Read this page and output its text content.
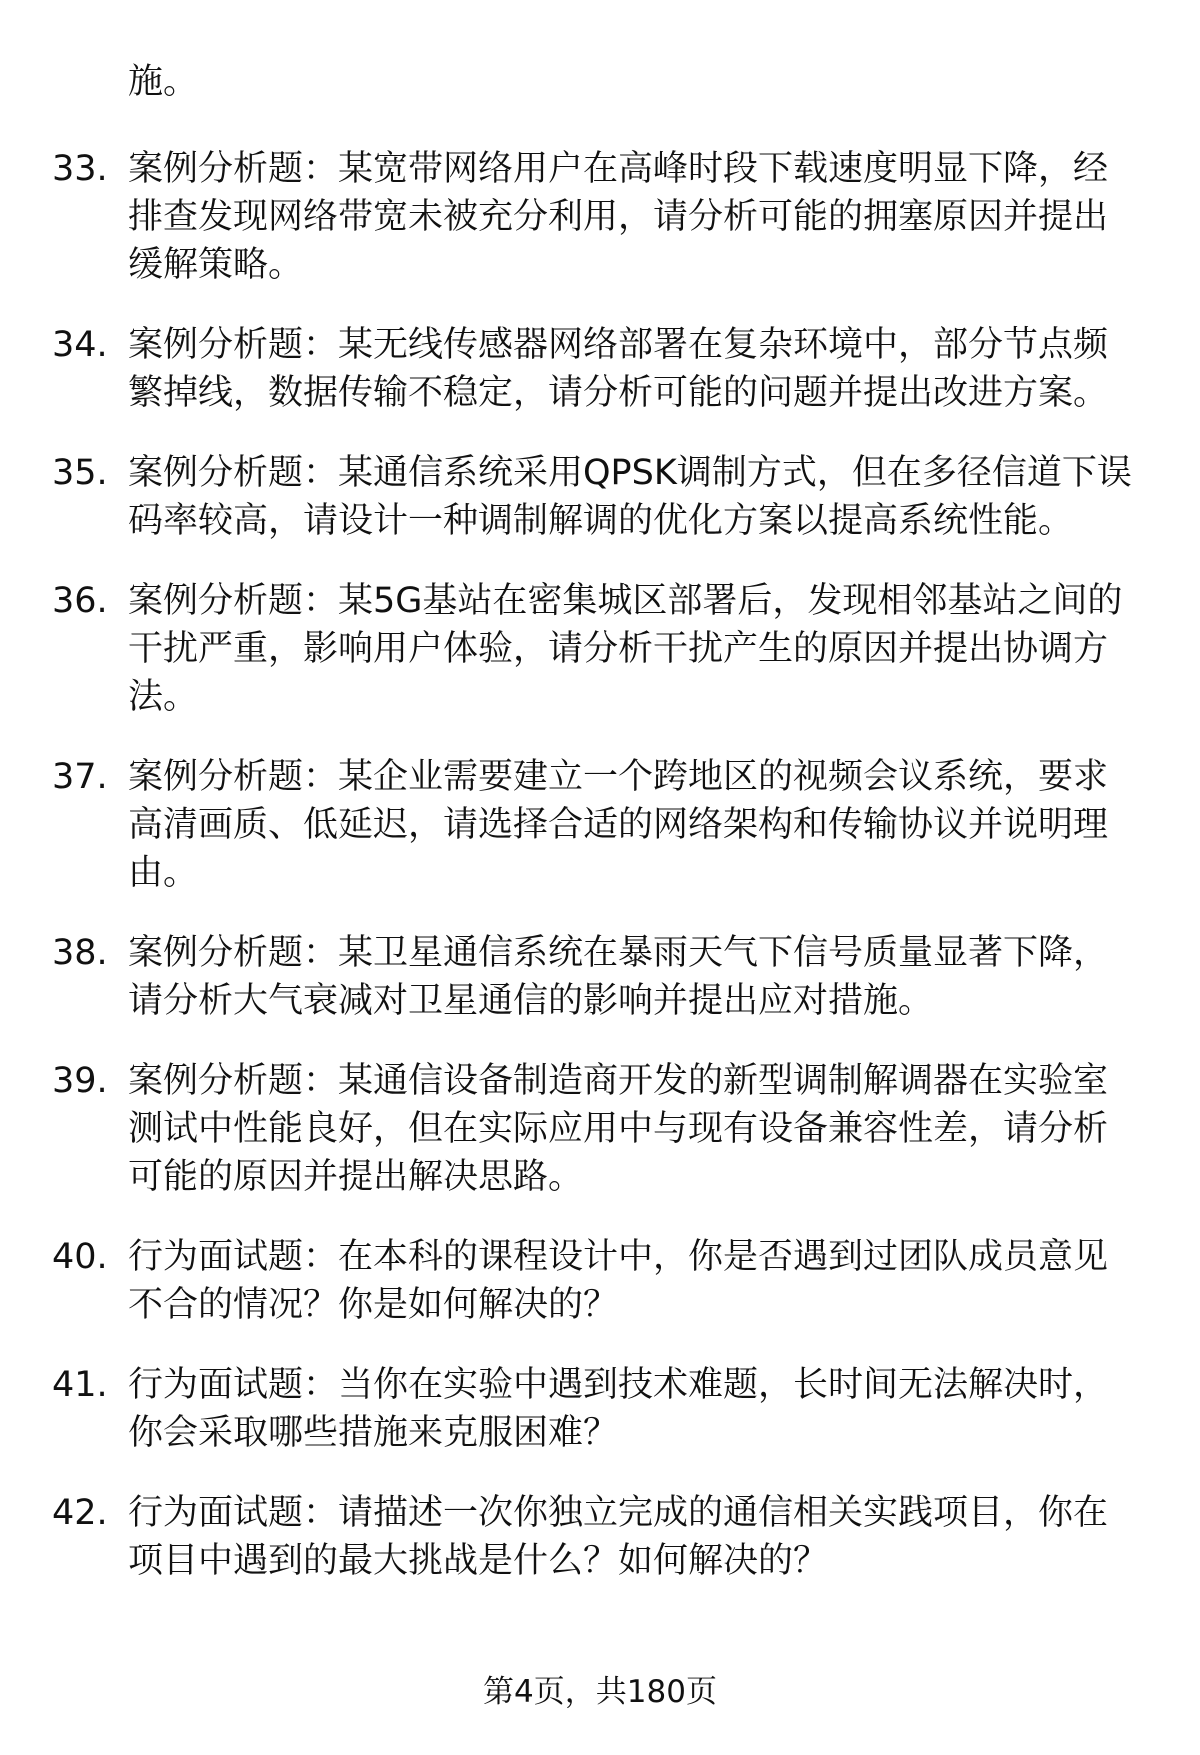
施。
33. 案例分析题：某宽带网络用户在高峰时段下载速度明显下降，经排查发现网络带宽未被充分利用，请分析可能的拥塞原因并提出缓解策略。
34. 案例分析题：某无线传感器网络部署在复杂环境中，部分节点频繁掉线，数据传输不稳定，请分析可能的问题并提出改进方案。
35. 案例分析题：某通信系统采用QPSK调制方式，但在多径信道下误码率较高，请设计一种调制解调的优化方案以提高系统性能。
36. 案例分析题：某5G基站在密集城区部署后，发现相邻基站之间的干扰严重，影响用户体验，请分析干扰产生的原因并提出协调方法。
37. 案例分析题：某企业需要建立一个跨地区的视频会议系统，要求高清画质、低延迟，请选择合适的网络架构和传输协议并说明理由。
38. 案例分析题：某卫星通信系统在暴雨天气下信号质量显著下降，请分析大气衰减对卫星通信的影响并提出应对措施。
39. 案例分析题：某通信设备制造商开发的新型调制解调器在实验室测试中性能良好，但在实际应用中与现有设备兼容性差，请分析可能的原因并提出解决思路。
40. 行为面试题：在本科的课程设计中，你是否遇到过团队成员意见不合的情况？你是如何解决的？
41. 行为面试题：当你在实验中遇到技术难题，长时间无法解决时，你会采取哪些措施来克服困难？
42. 行为面试题：请描述一次你独立完成的通信相关实践项目，你在项目中遇到的最大挑战是什么？如何解决的？
第4页，共180页
